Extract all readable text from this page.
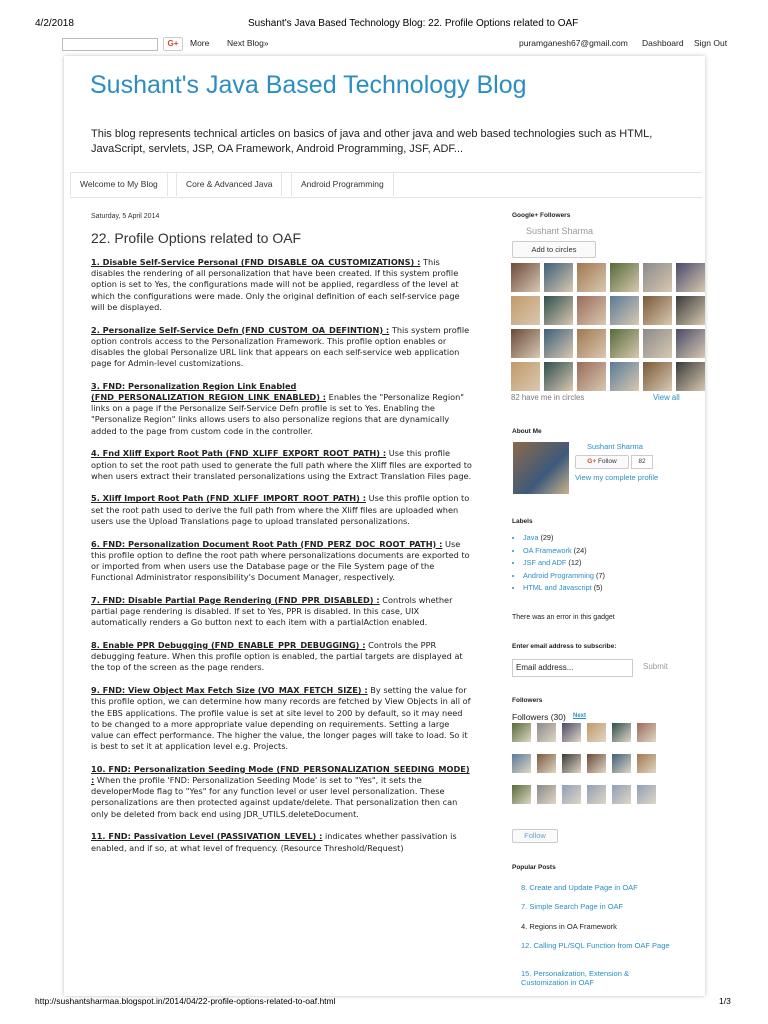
4/2/2018	Sushant's Java Based Technology Blog: 22. Profile Options related to OAF
G+	More Next Blog»	puramganesh67@gmail.com Dashboard Sign Out
Sushant's Java Based Technology Blog
This blog represents technical articles on basics of java and other java and web based technologies such as HTML, JavaScript, servlets, JSP, OA Framework, Android Programming, JSF, ADF...
Welcome to My Blog	Core & Advanced Java	Android Programming
Saturday, 5 April 2014
22. Profile Options related to OAF

1. Disable Self-Service Personal (FND_DISABLE_OA_CUSTOMIZATIONS) : This disables the rendering of all personalization that have been created. If this system profile option is set to Yes, the configurations made will not be applied, regardless of the level at which the configurations were made. Only the original definition of each self-service page will be displayed.

2. Personalize Self-Service Defn (FND_CUSTOM_OA_DEFINTION) : This system profile option controls access to the Personalization Framework. This profile option enables or disables the global Personalize URL link that appears on each self-service web application page for Admin-level customizations.

3. FND: Personalization Region Link Enabled (FND_PERSONALIZATION_REGION_LINK_ENABLED) : Enables the "Personalize Region" links on a page if the Personalize Self-Service Defn profile is set to Yes. Enabling the "Personalize Region" links allows users to also personalize regions that are dynamically added to the page from custom code in the controller.

4. Fnd Xliff Export Root Path (FND_XLIFF_EXPORT_ROOT_PATH) : Use this profile option to set the root path used to generate the full path where the Xliff files are exported to when users extract their translated personalizations using the Extract Translation Files page.

5. Xliff Import Root Path (FND_XLIFF_IMPORT_ROOT_PATH) : Use this profile option to set the root path used to derive the full path from where the Xliff files are uploaded when users use the Upload Translations page to upload translated personalizations.

6. FND: Personalization Document Root Path (FND_PERZ_DOC_ROOT_PATH) : Use this profile option to define the root path where personalizations documents are exported to or imported from when users use the Database page or the File System page of the Functional Administrator responsibility's Document Manager, respectively.

7. FND: Disable Partial Page Rendering (FND_PPR_DISABLED) : Controls whether partial page rendering is disabled. If set to Yes, PPR is disabled. In this case, UIX automatically renders a Go button next to each item with a partialAction enabled.

8. Enable PPR Debugging (FND_ENABLE_PPR_DEBUGGING) : Controls the PPR debugging feature. When this profile option is enabled, the partial targets are displayed at the top of the screen as the page renders.

9. FND: View Object Max Fetch Size (VO_MAX_FETCH_SIZE) : By setting the value for this profile option, we can determine how many records are fetched by View Objects in all of the EBS applications. The profile value is set at site level to 200 by default, so it may need to be changed to a more appropriate value depending on requirements. Setting a large value can effect performance. The higher the value, the longer pages will take to load. So it is best to set it at application level e.g. Projects.

10. FND: Personalization Seeding Mode (FND_PERSONALIZATION_SEEDING_MODE) : When the profile 'FND: Personalization Seeding Mode' is set to "Yes", it sets the developerMode flag to "Yes" for any function level or user level personalization. These personalizations are then protected against update/delete. That personalization then can only be deleted from back end using JDR_UTILS.deleteDocument.

11. FND: Passivation Level (PASSIVATION_LEVEL) : indicates whether passivation is enabled, and if so, at what level of frequency. (Resource Threshold/Request)

Google+ Followers
Sushant Sharma
Add to circles
82 have me in circles	View all
About Me
Sushant Sharma
G+ Follow	82
View my complete profile
Labels
• Java (29)
• OA Framework (24)
• JSF and ADF (12)
• Android Programming (7)
• HTML and Javascript (5)
There was an error in this gadget
Enter email address to subscribe:
Email address...	Submit
Followers
Followers (30) Next
Follow
Popular Posts
8. Create and Update Page in OAF
7. Simple Search Page in OAF
4. Regions in OA Framework
12. Calling PL/SQL Function from OAF Page
15. Personalization, Extension & Customization in OAF
http://sushantsharmaa.blogspot.in/2014/04/22-profile-options-related-to-oaf.html	1/3
